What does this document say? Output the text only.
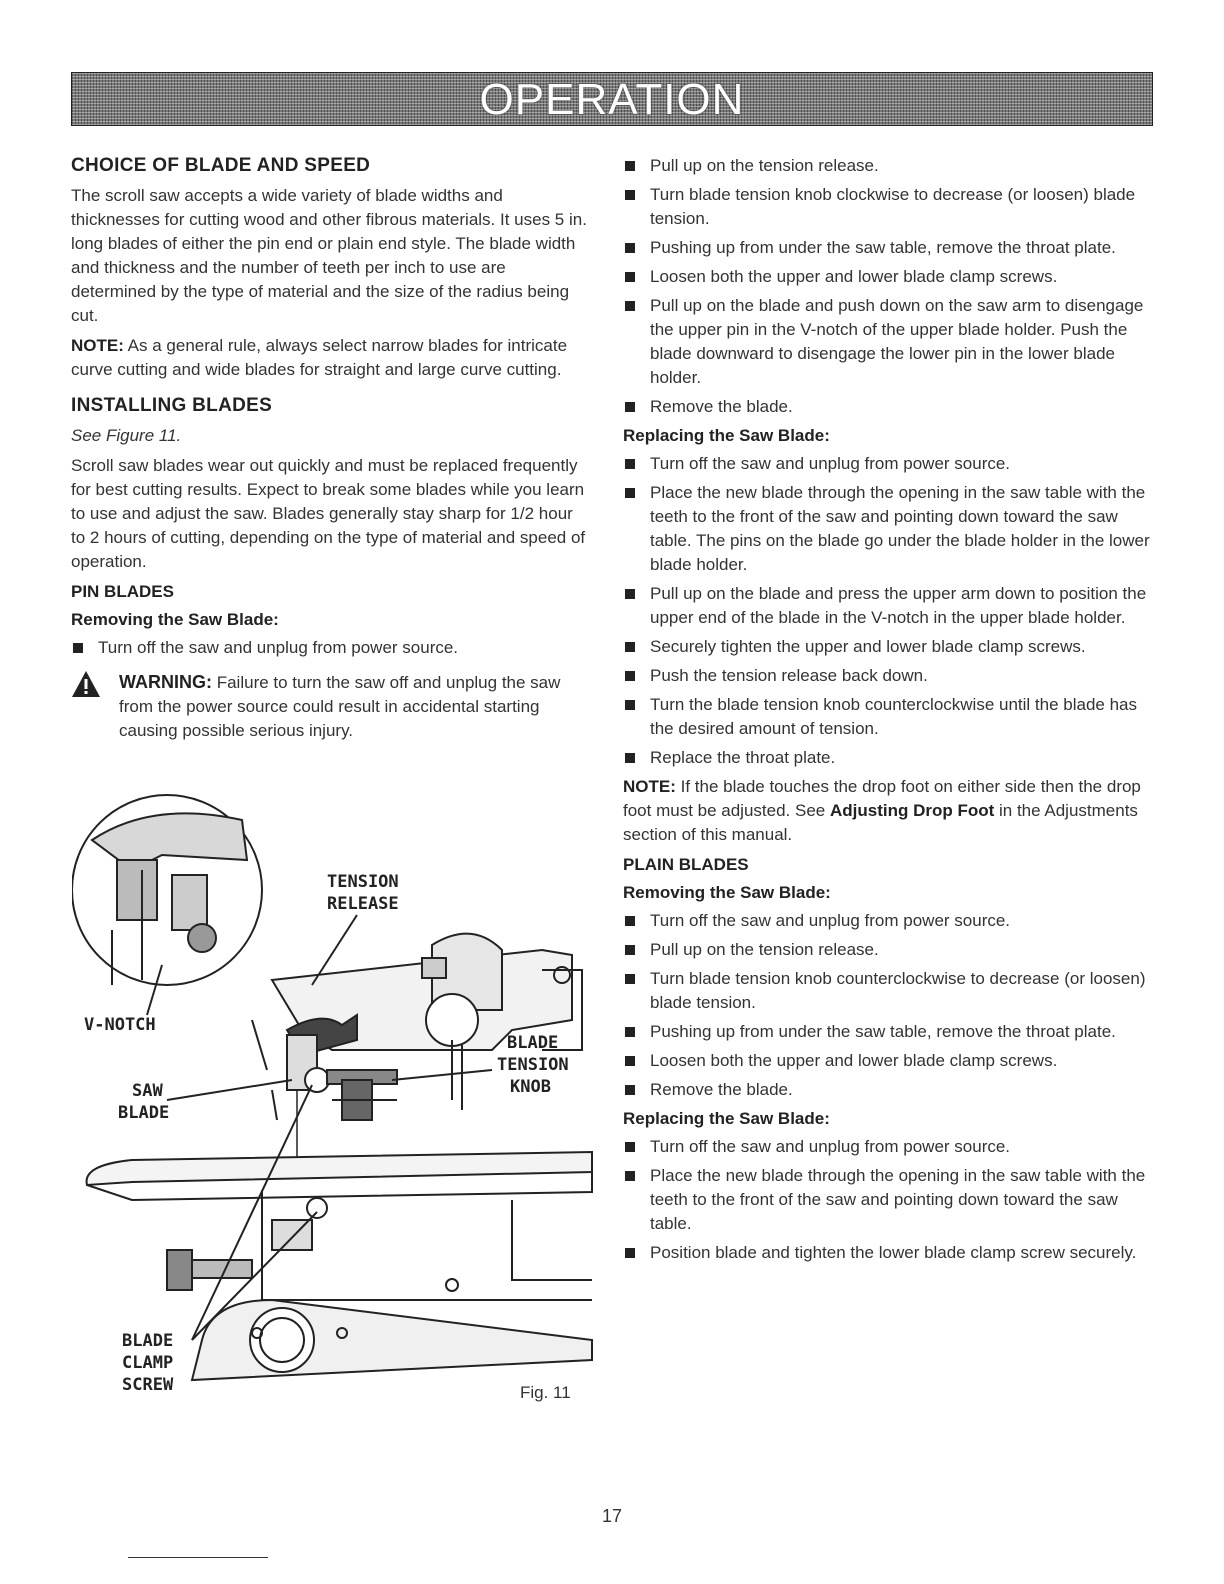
OPERATION
CHOICE OF BLADE AND SPEED

The scroll saw accepts a wide variety of blade widths and thicknesses for cutting wood and other fibrous materials. It uses 5 in. long blades of either the pin end or plain end style. The blade width and thickness and the number of teeth per inch to use are determined by the type of material and the size of the radius being cut.

NOTE: As a general rule, always select narrow blades for intricate curve cutting and wide blades for straight and large curve cutting.

INSTALLING BLADES
See Figure 11.

Scroll saw blades wear out quickly and must be replaced frequently for best cutting results. Expect to break some blades while you learn to use and adjust the saw. Blades generally stay sharp for 1/2 hour to 2 hours of cutting, depending on the type of material and speed of operation.

PIN BLADES
Removing the Saw Blade:
Turn off the saw and unplug from power source.
WARNING: Failure to turn the saw off and unplug the saw from the power source could result in accidental starting causing possible serious injury.
TENSION
RELEASE
V-NOTCH
SAW
BLADE
BLADE
TENSION
KNOB
BLADE
CLAMP
SCREW	Fig. 11
Pull up on the tension release.
Turn blade tension knob clockwise to decrease (or loosen) blade tension.
Pushing up from under the saw table, remove the throat plate.
Loosen both the upper and lower blade clamp screws.
Pull up on the blade and push down on the saw arm to disengage the upper pin in the V-notch of the upper blade holder. Push the blade downward to disengage the lower pin in the lower blade holder.
Remove the blade.
Replacing the Saw Blade:
Turn off the saw and unplug from power source.
Place the new blade through the opening in the saw table with the teeth to the front of the saw and pointing down toward the saw table. The pins on the blade go under the blade holder in the lower blade holder.
Pull up on the blade and press the upper arm down to position the upper end of the blade in the V-notch in the upper blade holder.
Securely tighten the upper and lower blade clamp screws.
Push the tension release back down.
Turn the blade tension knob counterclockwise until the blade has the desired amount of tension.
Replace the throat plate.

NOTE: If the blade touches the drop foot on either side then the drop foot must be adjusted. See Adjusting Drop Foot in the Adjustments section of this manual.

PLAIN BLADES
Removing the Saw Blade:
Turn off the saw and unplug from power source.
Pull up on the tension release.
Turn blade tension knob counterclockwise to decrease (or loosen) blade tension.
Pushing up from under the saw table, remove the throat plate.
Loosen both the upper and lower blade clamp screws.
Remove the blade.
Replacing the Saw Blade:
Turn off the saw and unplug from power source.
Place the new blade through the opening in the saw table with the teeth to the front of the saw and pointing down toward the saw table.
Position blade and tighten the lower blade clamp screw securely.
17
